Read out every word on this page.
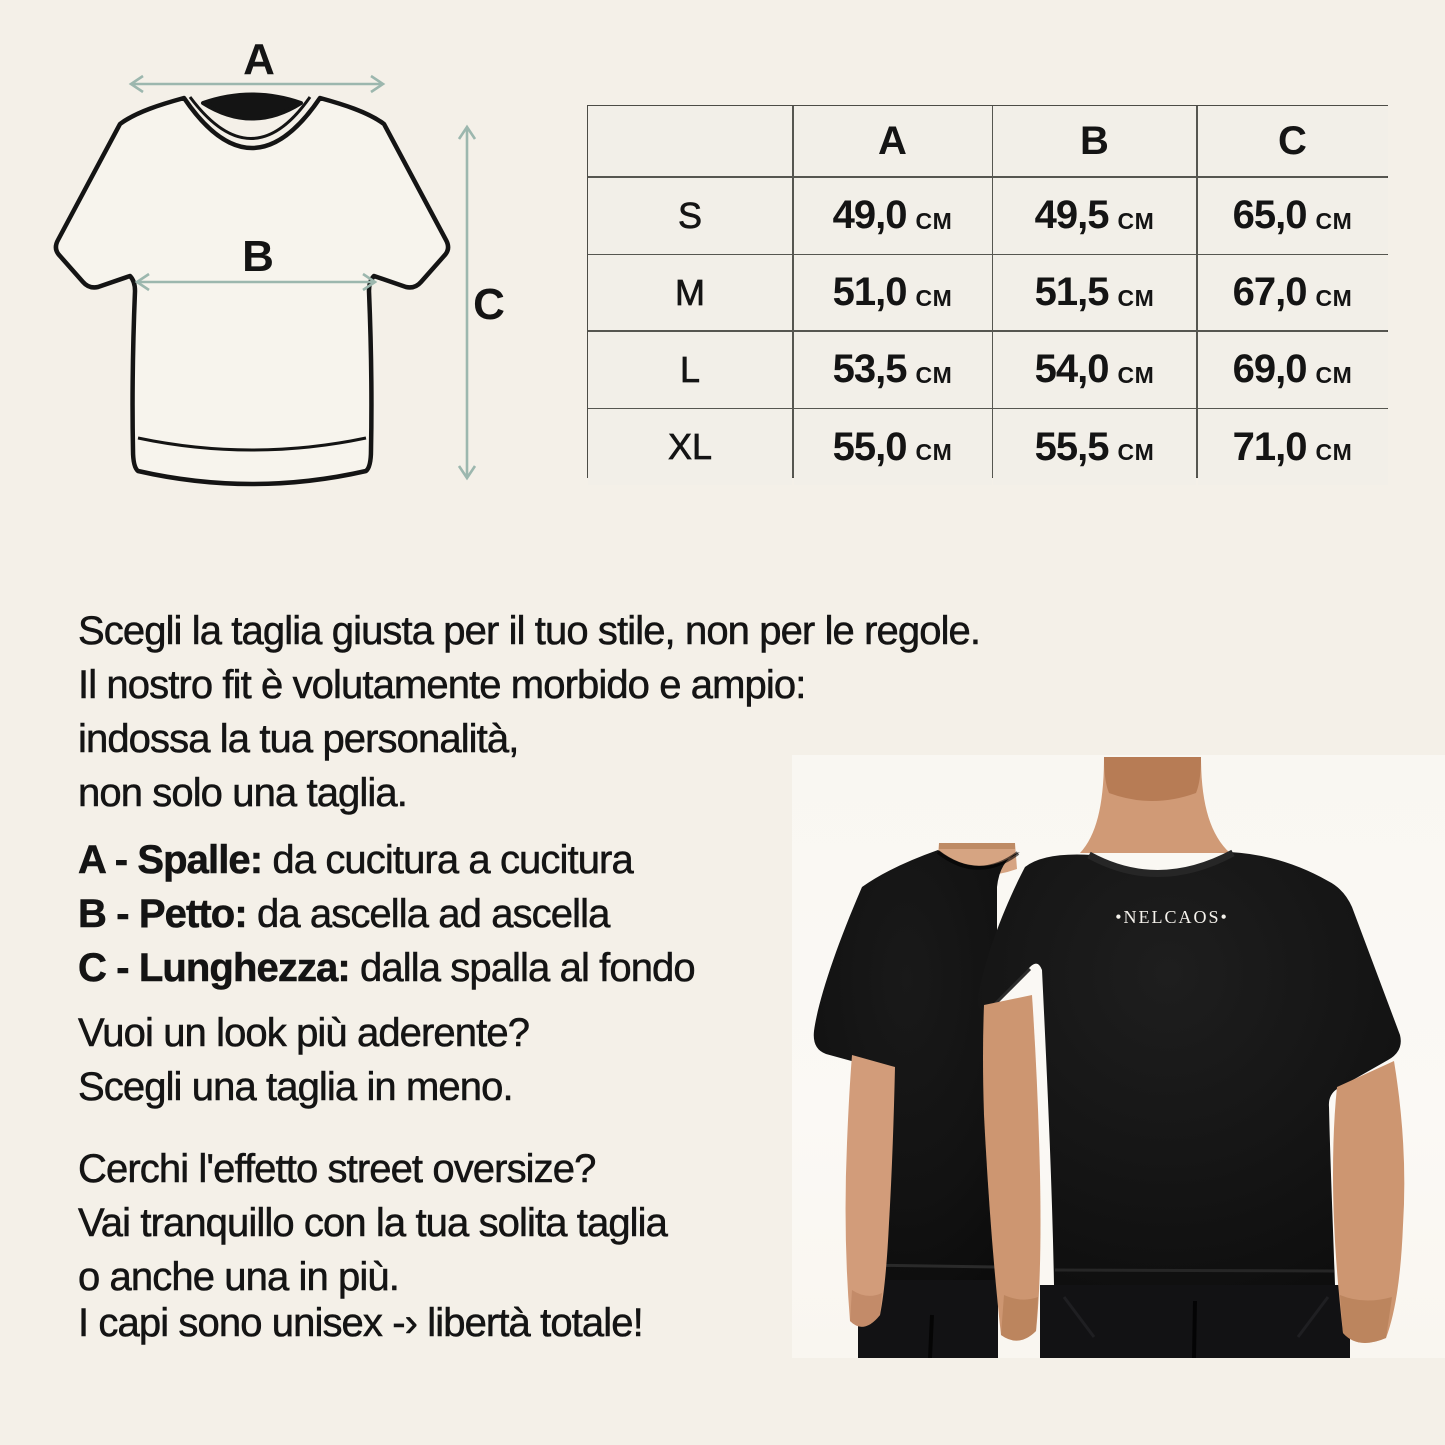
A
B
C
A	B	C
S	49,0 CM 49,5 CM 65,0 CM
M	51,0 CM 51,5 CM 67,0 CM
L	53,5 CM 54,0 CM 69,0 CM
XL	55,0 CM 55,5 CM 71,0 CM
Scegli la taglia giusta per il tuo stile, non per le regole.
Il nostro fit è volutamente morbido e ampio:
indossa la tua personalità,
non solo una taglia.
A - Spalle: da cucitura a cucitura
B - Petto: da ascella ad ascella
C - Lunghezza: dalla spalla al fondo
Vuoi un look più aderente?
Scegli una taglia in meno.
Cerchi l'effetto street oversize?
Vai tranquillo con la tua solita taglia
o anche una in più.
I capi sono unisex -› libertà totale!
•NELCAOS•
